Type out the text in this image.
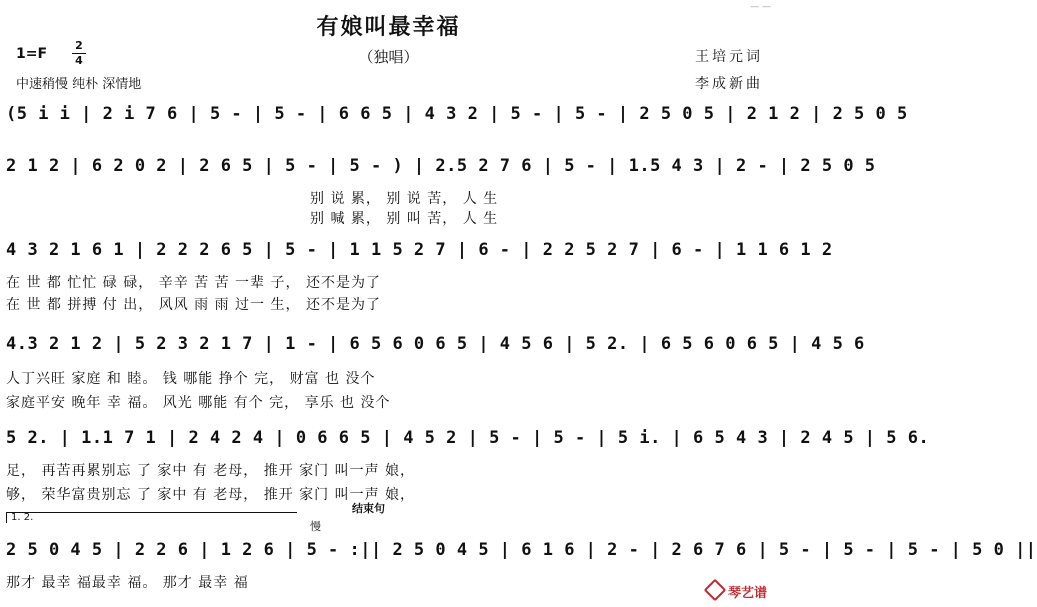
— —
有娘叫最幸福
（独唱）
1=F
2
4
中速稍慢 纯朴 深情地
王培元词
李成新曲
(5 i i | 2 i 7 6 | 5 - | 5 - | 6 6 5 | 4 3 2 | 5 - | 5 - | 2 5 0 5 | 2 1 2 | 2 5 0 5
2 1 2 | 6 2 0 2 | 2 6 5 | 5 - | 5 - ) | 2.5 2 7 6 | 5 - | 1.5 4 3 | 2 - | 2 5 0 5
别 说 累， 别 说 苦， 人 生
别 喊 累， 别 叫 苦， 人 生
4 3 2 1 6 1 | 2 2 2 6 5 | 5 - | 1 1 5 2 7 | 6 - | 2 2 5 2 7 | 6 - | 1 1 6 1 2
在 世 都 忙忙 碌 碌， 辛辛 苦 苦 一辈 子， 还不是为了
在 世 都 拼搏 付 出， 风风 雨 雨 过一 生， 还不是为了
4.3 2 1 2 | 5 2 3 2 1 7 | 1 - | 6 5 6 0 6 5 | 4 5 6 | 5 2. | 6 5 6 0 6 5 | 4 5 6
人丁兴旺 家庭 和 睦。 钱 哪能 挣个 完， 财富 也 没个
家庭平安 晚年 幸 福。 风光 哪能 有个 完， 享乐 也 没个
5 2. | 1.1 7 1 | 2 4 2 4 | 0 6 6 5 | 4 5 2 | 5 - | 5 - | 5 i. | 6 5 4 3 | 2 4 5 | 5 6.
足， 再苦再累别忘 了 家中 有 老母， 推开 家门 叫一声 娘，
够， 荣华富贵别忘 了 家中 有 老母， 推开 家门 叫一声 娘，
1. 2.
结束句
慢
2 5 0 4 5 | 2 2 6 | 1 2 6 | 5 - :|| 2 5 0 4 5 | 6 1 6 | 2 - | 2 6 7 6 | 5 - | 5 - | 5 - | 5 0 ||
那才 最幸 福最幸 福。 那才 最幸 福
琴艺谱
